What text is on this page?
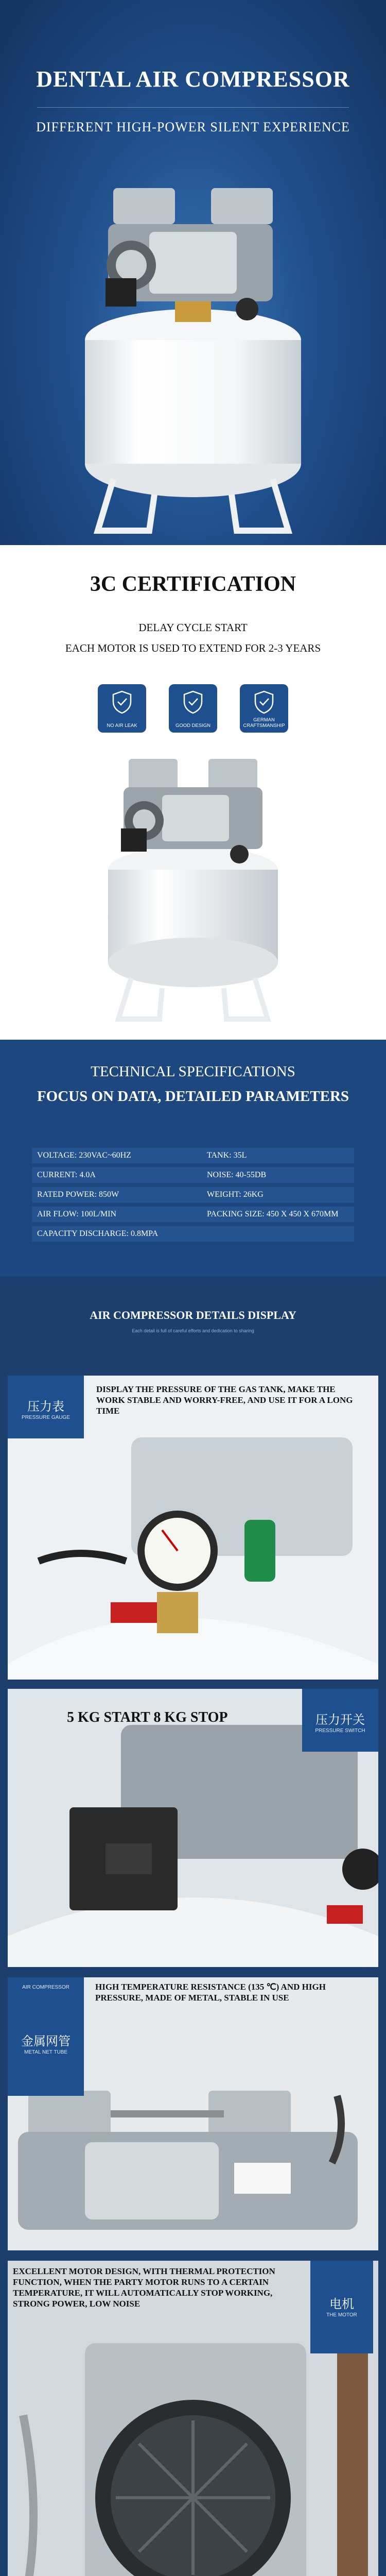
DENTAL AIR COMPRESSOR
DIFFERENT HIGH-POWER SILENT EXPERIENCE
3C CERTIFICATION
DELAY CYCLE START
EACH MOTOR IS USED TO EXTEND FOR 2-3 YEARS
NO AIR LEAK	GOOD DESIGN
GERMAN CRAFTSMANSHIP
TECHNICAL SPECIFICATIONS
FOCUS ON DATA, DETAILED PARAMETERS
VOLTAGE: 230VAC~60HZ	TANK: 35L
CURRENT: 4.0A	NOISE: 40-55DB
RATED POWER: 850W	WEIGHT: 26KG
AIR FLOW: 100L/MIN	PACKING SIZE: 450 X 450 X 670MM
CAPACITY DISCHARGE: 0.8MPA
AIR COMPRESSOR DETAILS DISPLAY
Each detail is full of careful efforts and dedication to sharing
压力表
PRESSURE GAUGE
DISPLAY THE PRESSURE OF THE GAS TANK, MAKE THE WORK STABLE AND WORRY-FREE, AND USE IT FOR A LONG TIME
5 KG START 8 KG STOP	压力开关
PRESSURE SWITCH
AIR COMPRESSOR
金属网管
METAL NET TUBE
HIGH TEMPERATURE RESISTANCE (135 ℃) AND HIGH PRESSURE, MADE OF METAL, STABLE IN USE
EXCELLENT MOTOR DESIGN, WITH THERMAL PROTECTION FUNCTION, WHEN THE PARTY MOTOR RUNS TO A CERTAIN TEMPERATURE, IT WILL AUTOMATICALLY STOP WORKING, STRONG POWER, LOW NOISE	电机
THE MOTOR
